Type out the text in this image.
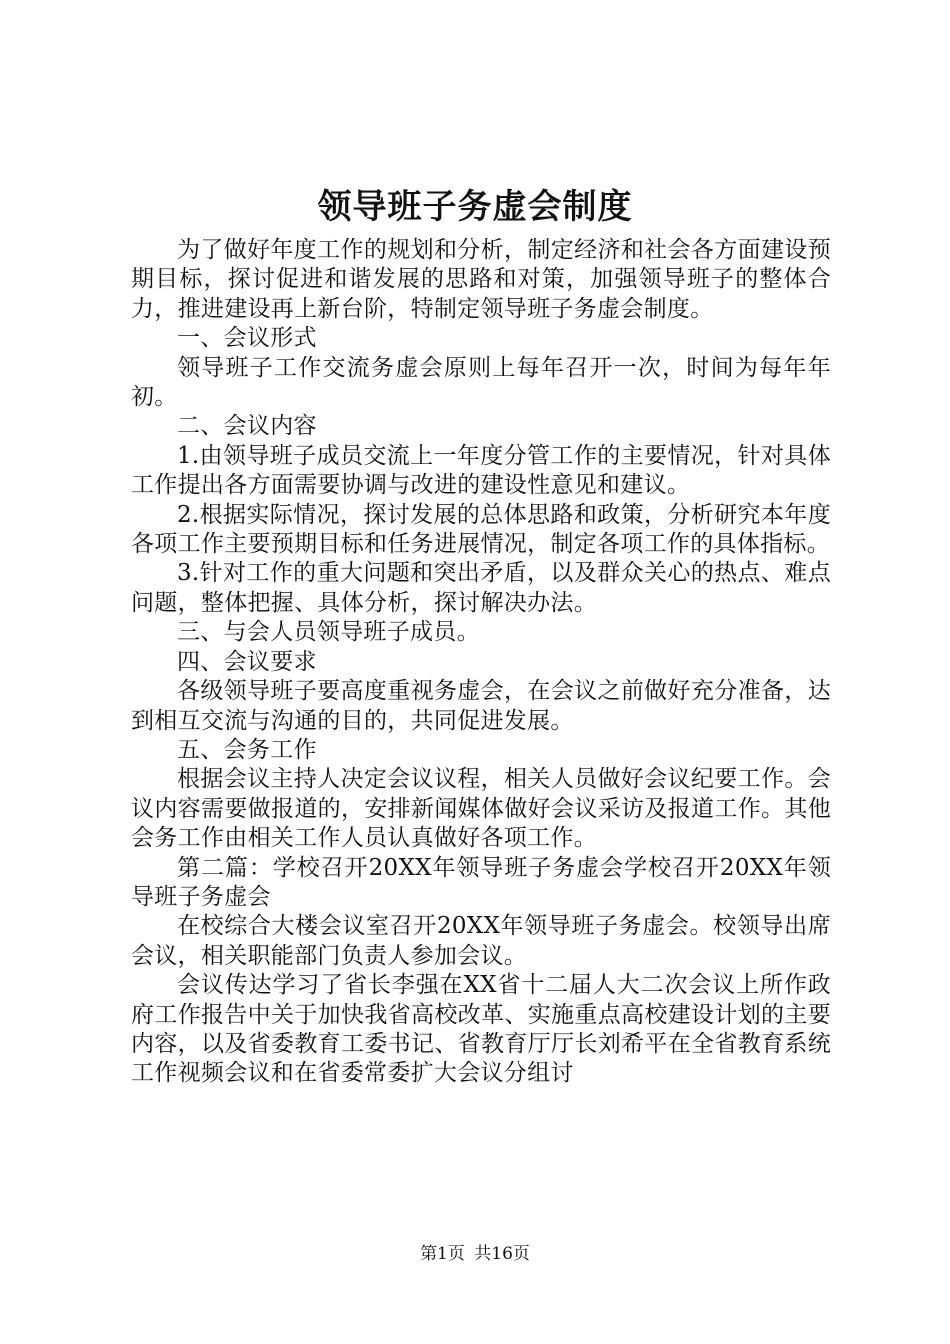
领导班子务虚会制度

为了做好年度工作的规划和分析，制定经济和社会各方面建设预期目标，探讨促进和谐发展的思路和对策，加强领导班子的整体合力，推进建设再上新台阶，特制定领导班子务虚会制度。

一、会议形式

领导班子工作交流务虚会原则上每年召开一次，时间为每年年初。

二、会议内容

1.由领导班子成员交流上一年度分管工作的主要情况，针对具体工作提出各方面需要协调与改进的建设性意见和建议。

2.根据实际情况，探讨发展的总体思路和政策，分析研究本年度各项工作主要预期目标和任务进展情况，制定各项工作的具体指标。

3.针对工作的重大问题和突出矛盾，以及群众关心的热点、难点问题，整体把握、具体分析，探讨解决办法。

三、与会人员领导班子成员。

四、会议要求

各级领导班子要高度重视务虚会，在会议之前做好充分准备，达到相互交流与沟通的目的，共同促进发展。

五、会务工作

根据会议主持人决定会议议程，相关人员做好会议纪要工作。会议内容需要做报道的，安排新闻媒体做好会议采访及报道工作。其他会务工作由相关工作人员认真做好各项工作。

第二篇：学校召开20XX年领导班子务虚会学校召开20XX年领导班子务虚会

在校综合大楼会议室召开20XX年领导班子务虚会。校领导出席会议，相关职能部门负责人参加会议。

会议传达学习了省长李强在XX省十二届人大二次会议上所作政府工作报告中关于加快我省高校改革、实施重点高校建设计划的主要内容，以及省委教育工委书记、省教育厅厅长刘希平在全省教育系统工作视频会议和在省委常委扩大会议分组讨

第1页 共16页
